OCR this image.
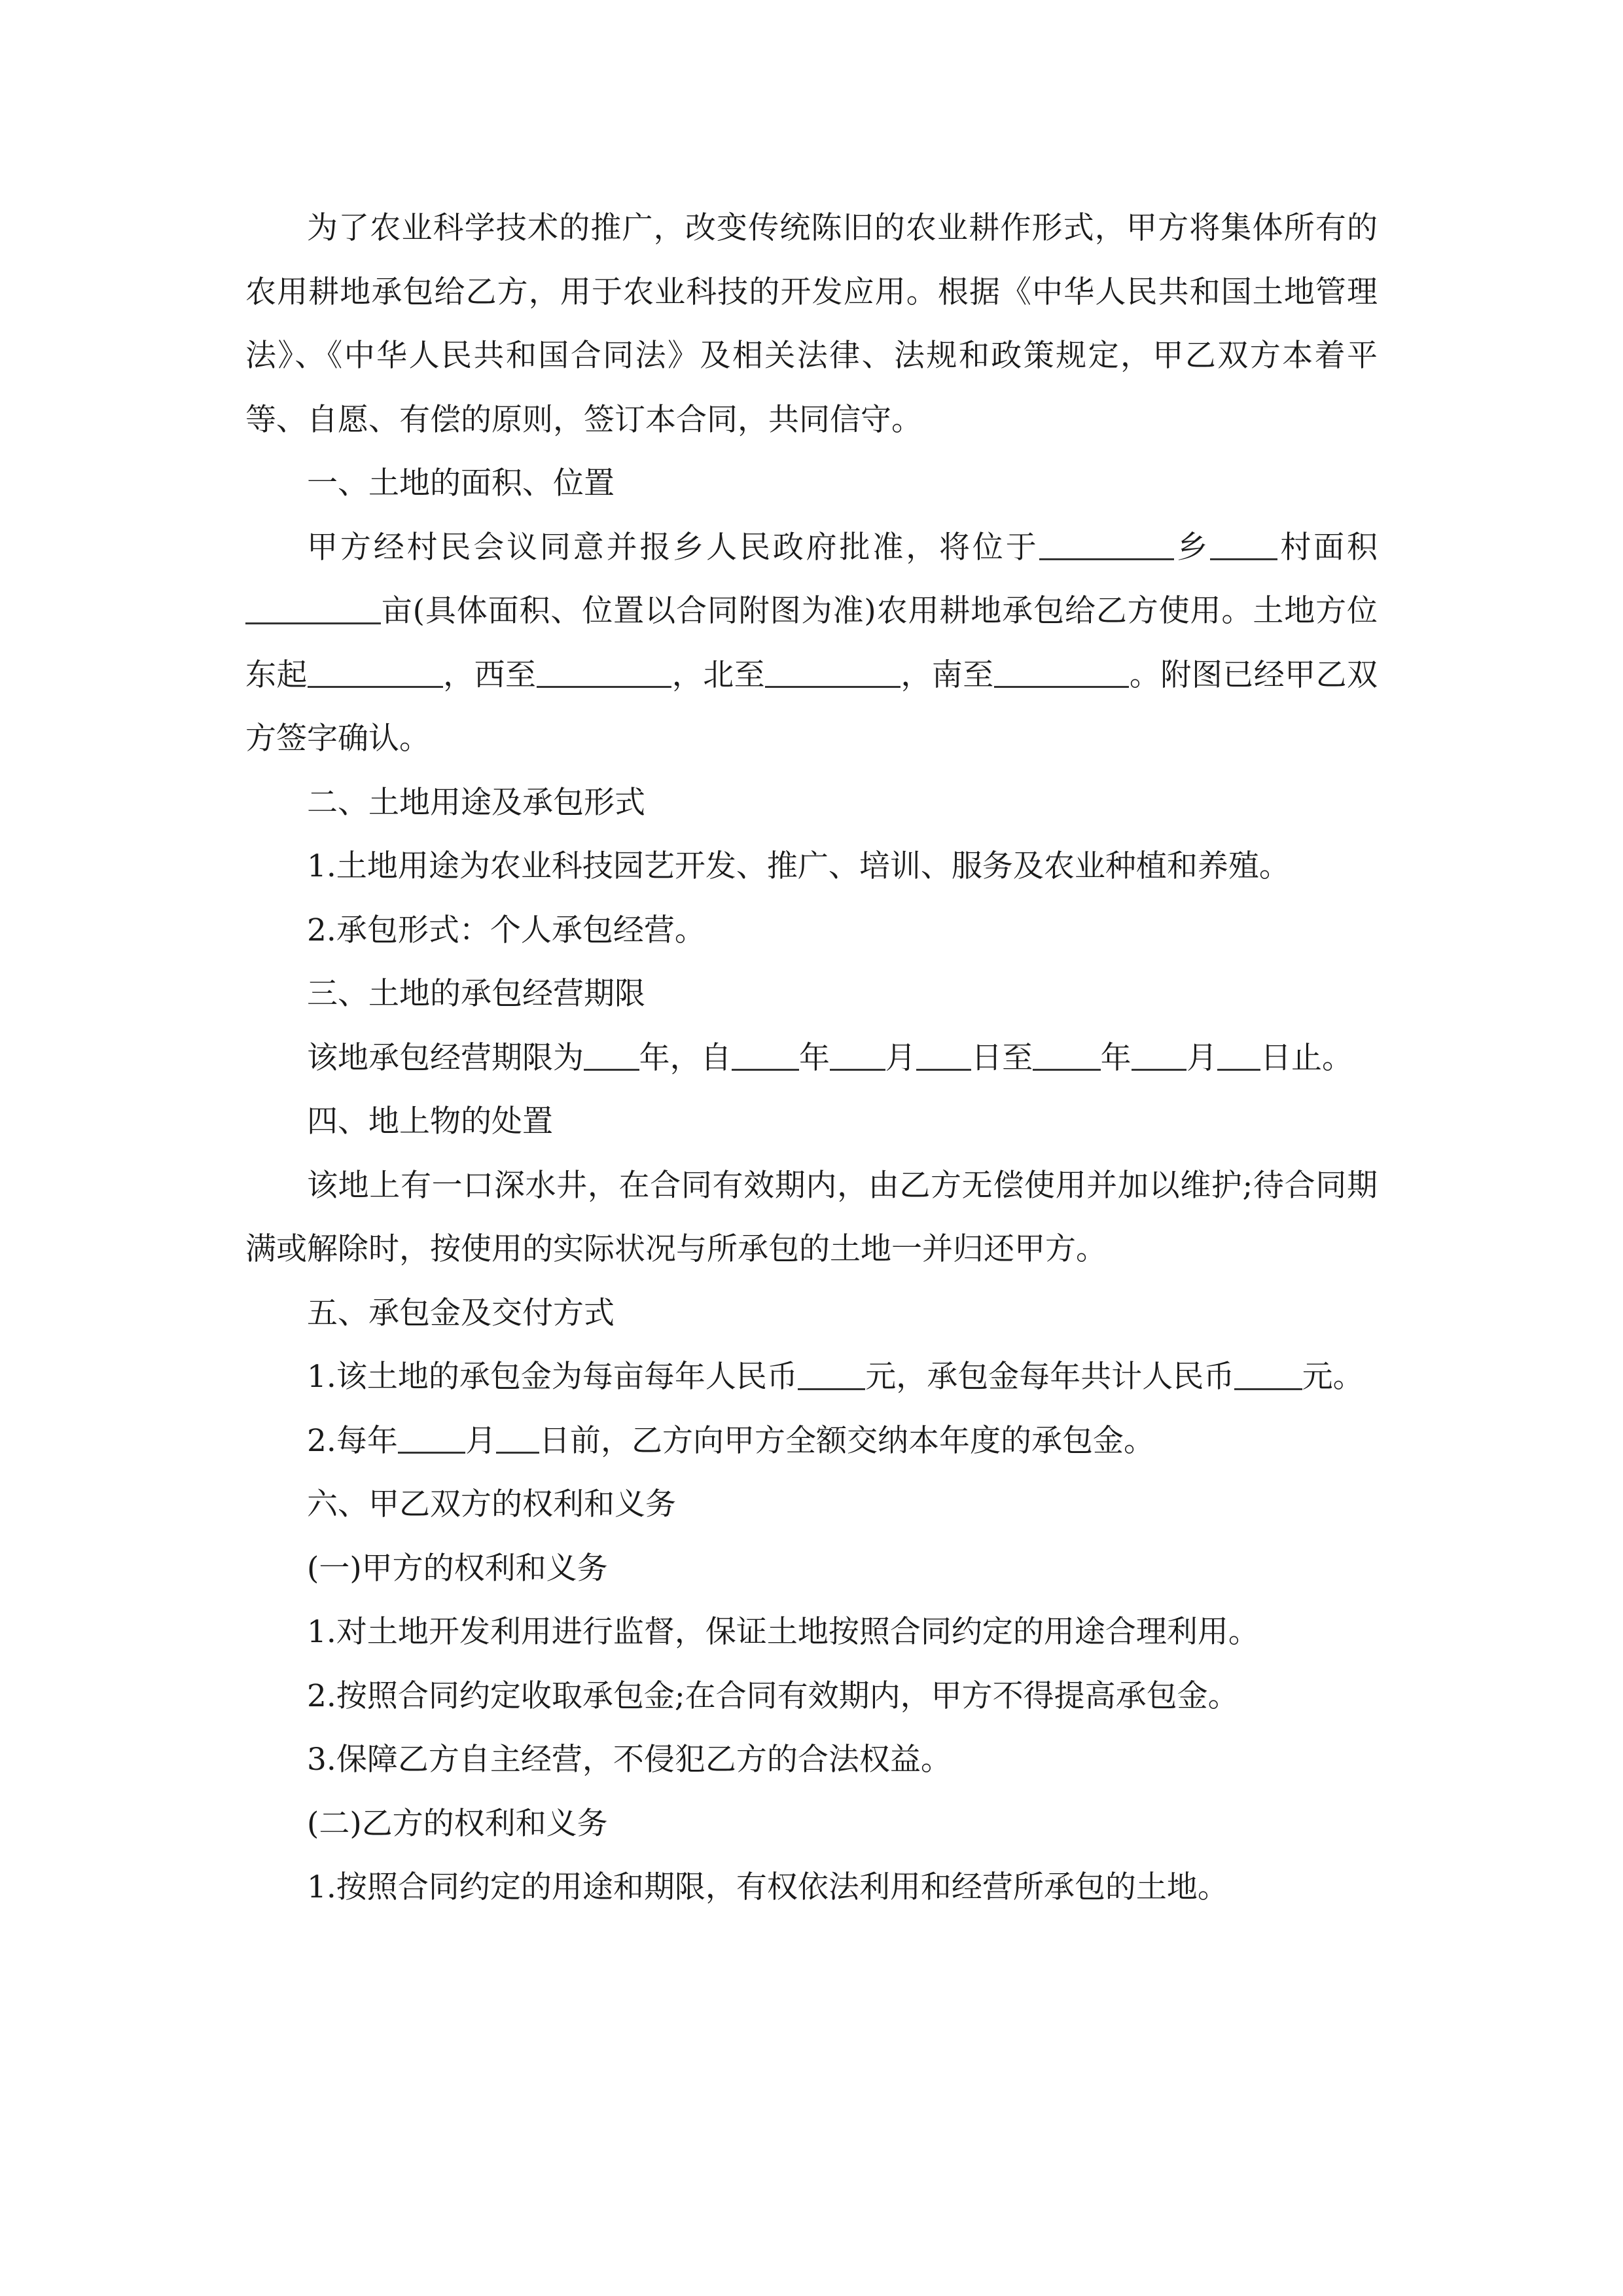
为了农业科学技术的推广，改变传统陈旧的农业耕作形式，甲方将集体所有的农用耕地承包给乙方，用于农业科技的开发应用。根据《中华人民共和国土地管理法》、《中华人民共和国合同法》及相关法律、法规和政策规定，甲乙双方本着平等、自愿、有偿的原则，签订本合同，共同信守。

一、土地的面积、位置

甲方经村民会议同意并报乡人民政府批准，将位于	乡 村面积亩(具体面积、位置以合同附图为准)农用耕地承包给乙方使用。土地方位东起	，西至	，北至	，南至	。附图已经甲乙双方签字确认。

二、土地用途及承包形式

1.土地用途为农业科技园艺开发、推广、培训、服务及农业种植和养殖。

2.承包形式：个人承包经营。

三、土地的承包经营期限

该地承包经营期限为 年，自 年 月 日至 年 月 日止。

四、地上物的处置

该地上有一口深水井，在合同有效期内，由乙方无偿使用并加以维护;待合同期满或解除时，按使用的实际状况与所承包的土地一并归还甲方。

五、承包金及交付方式

1.该土地的承包金为每亩每年人民币 元，承包金每年共计人民币 元。

2.每年 月 日前，乙方向甲方全额交纳本年度的承包金。

六、甲乙双方的权利和义务

(一)甲方的权利和义务

1.对土地开发利用进行监督，保证土地按照合同约定的用途合理利用。

2.按照合同约定收取承包金;在合同有效期内，甲方不得提高承包金。

3.保障乙方自主经营，不侵犯乙方的合法权益。

(二)乙方的权利和义务

1.按照合同约定的用途和期限，有权依法利用和经营所承包的土地。
